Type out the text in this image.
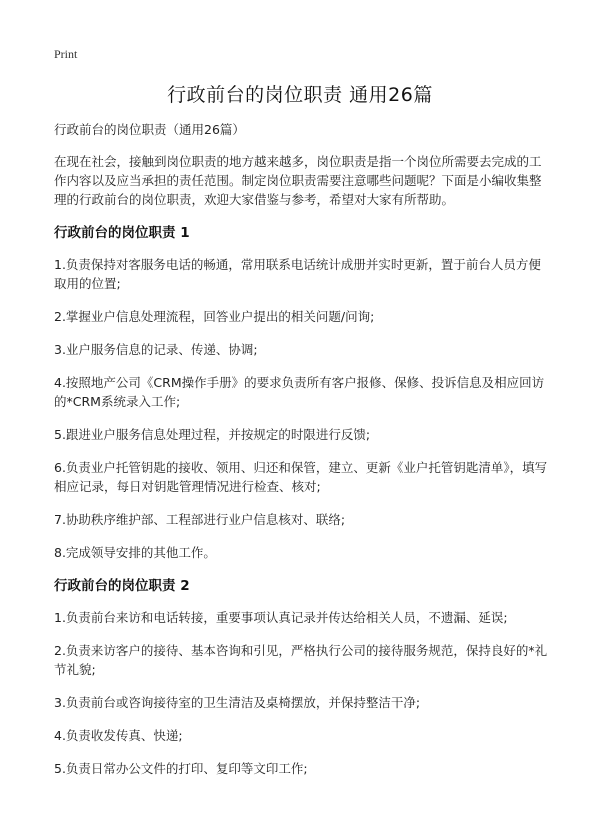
Print
行政前台的岗位职责 通用26篇

行政前台的岗位职责（通用26篇）

在现在社会，接触到岗位职责的地方越来越多，岗位职责是指一个岗位所需要去完成的工作内容以及应当承担的责任范围。制定岗位职责需要注意哪些问题呢？下面是小编收集整理的行政前台的岗位职责，欢迎大家借鉴与参考，希望对大家有所帮助。

行政前台的岗位职责 1

1.负责保持对客服务电话的畅通，常用联系电话统计成册并实时更新，置于前台人员方便取用的位置;

2.掌握业户信息处理流程，回答业户提出的相关问题/问询;

3.业户服务信息的记录、传递、协调;

4.按照地产公司《CRM操作手册》的要求负责所有客户报修、保修、投诉信息及相应回访的*CRM系统录入工作;

5.跟进业户服务信息处理过程，并按规定的时限进行反馈;

6.负责业户托管钥匙的接收、领用、归还和保管，建立、更新《业户托管钥匙清单》，填写相应记录，每日对钥匙管理情况进行检查、核对;

7.协助秩序维护部、工程部进行业户信息核对、联络;

8.完成领导安排的其他工作。

行政前台的岗位职责 2

1.负责前台来访和电话转接，重要事项认真记录并传达给相关人员，不遗漏、延误;

2.负责来访客户的接待、基本咨询和引见，严格执行公司的接待服务规范，保持良好的*礼节礼貌;

3.负责前台或咨询接待室的卫生清洁及桌椅摆放，并保持整洁干净;

4.负责收发传真、快递;

5.负责日常办公文件的打印、复印等文印工作;
